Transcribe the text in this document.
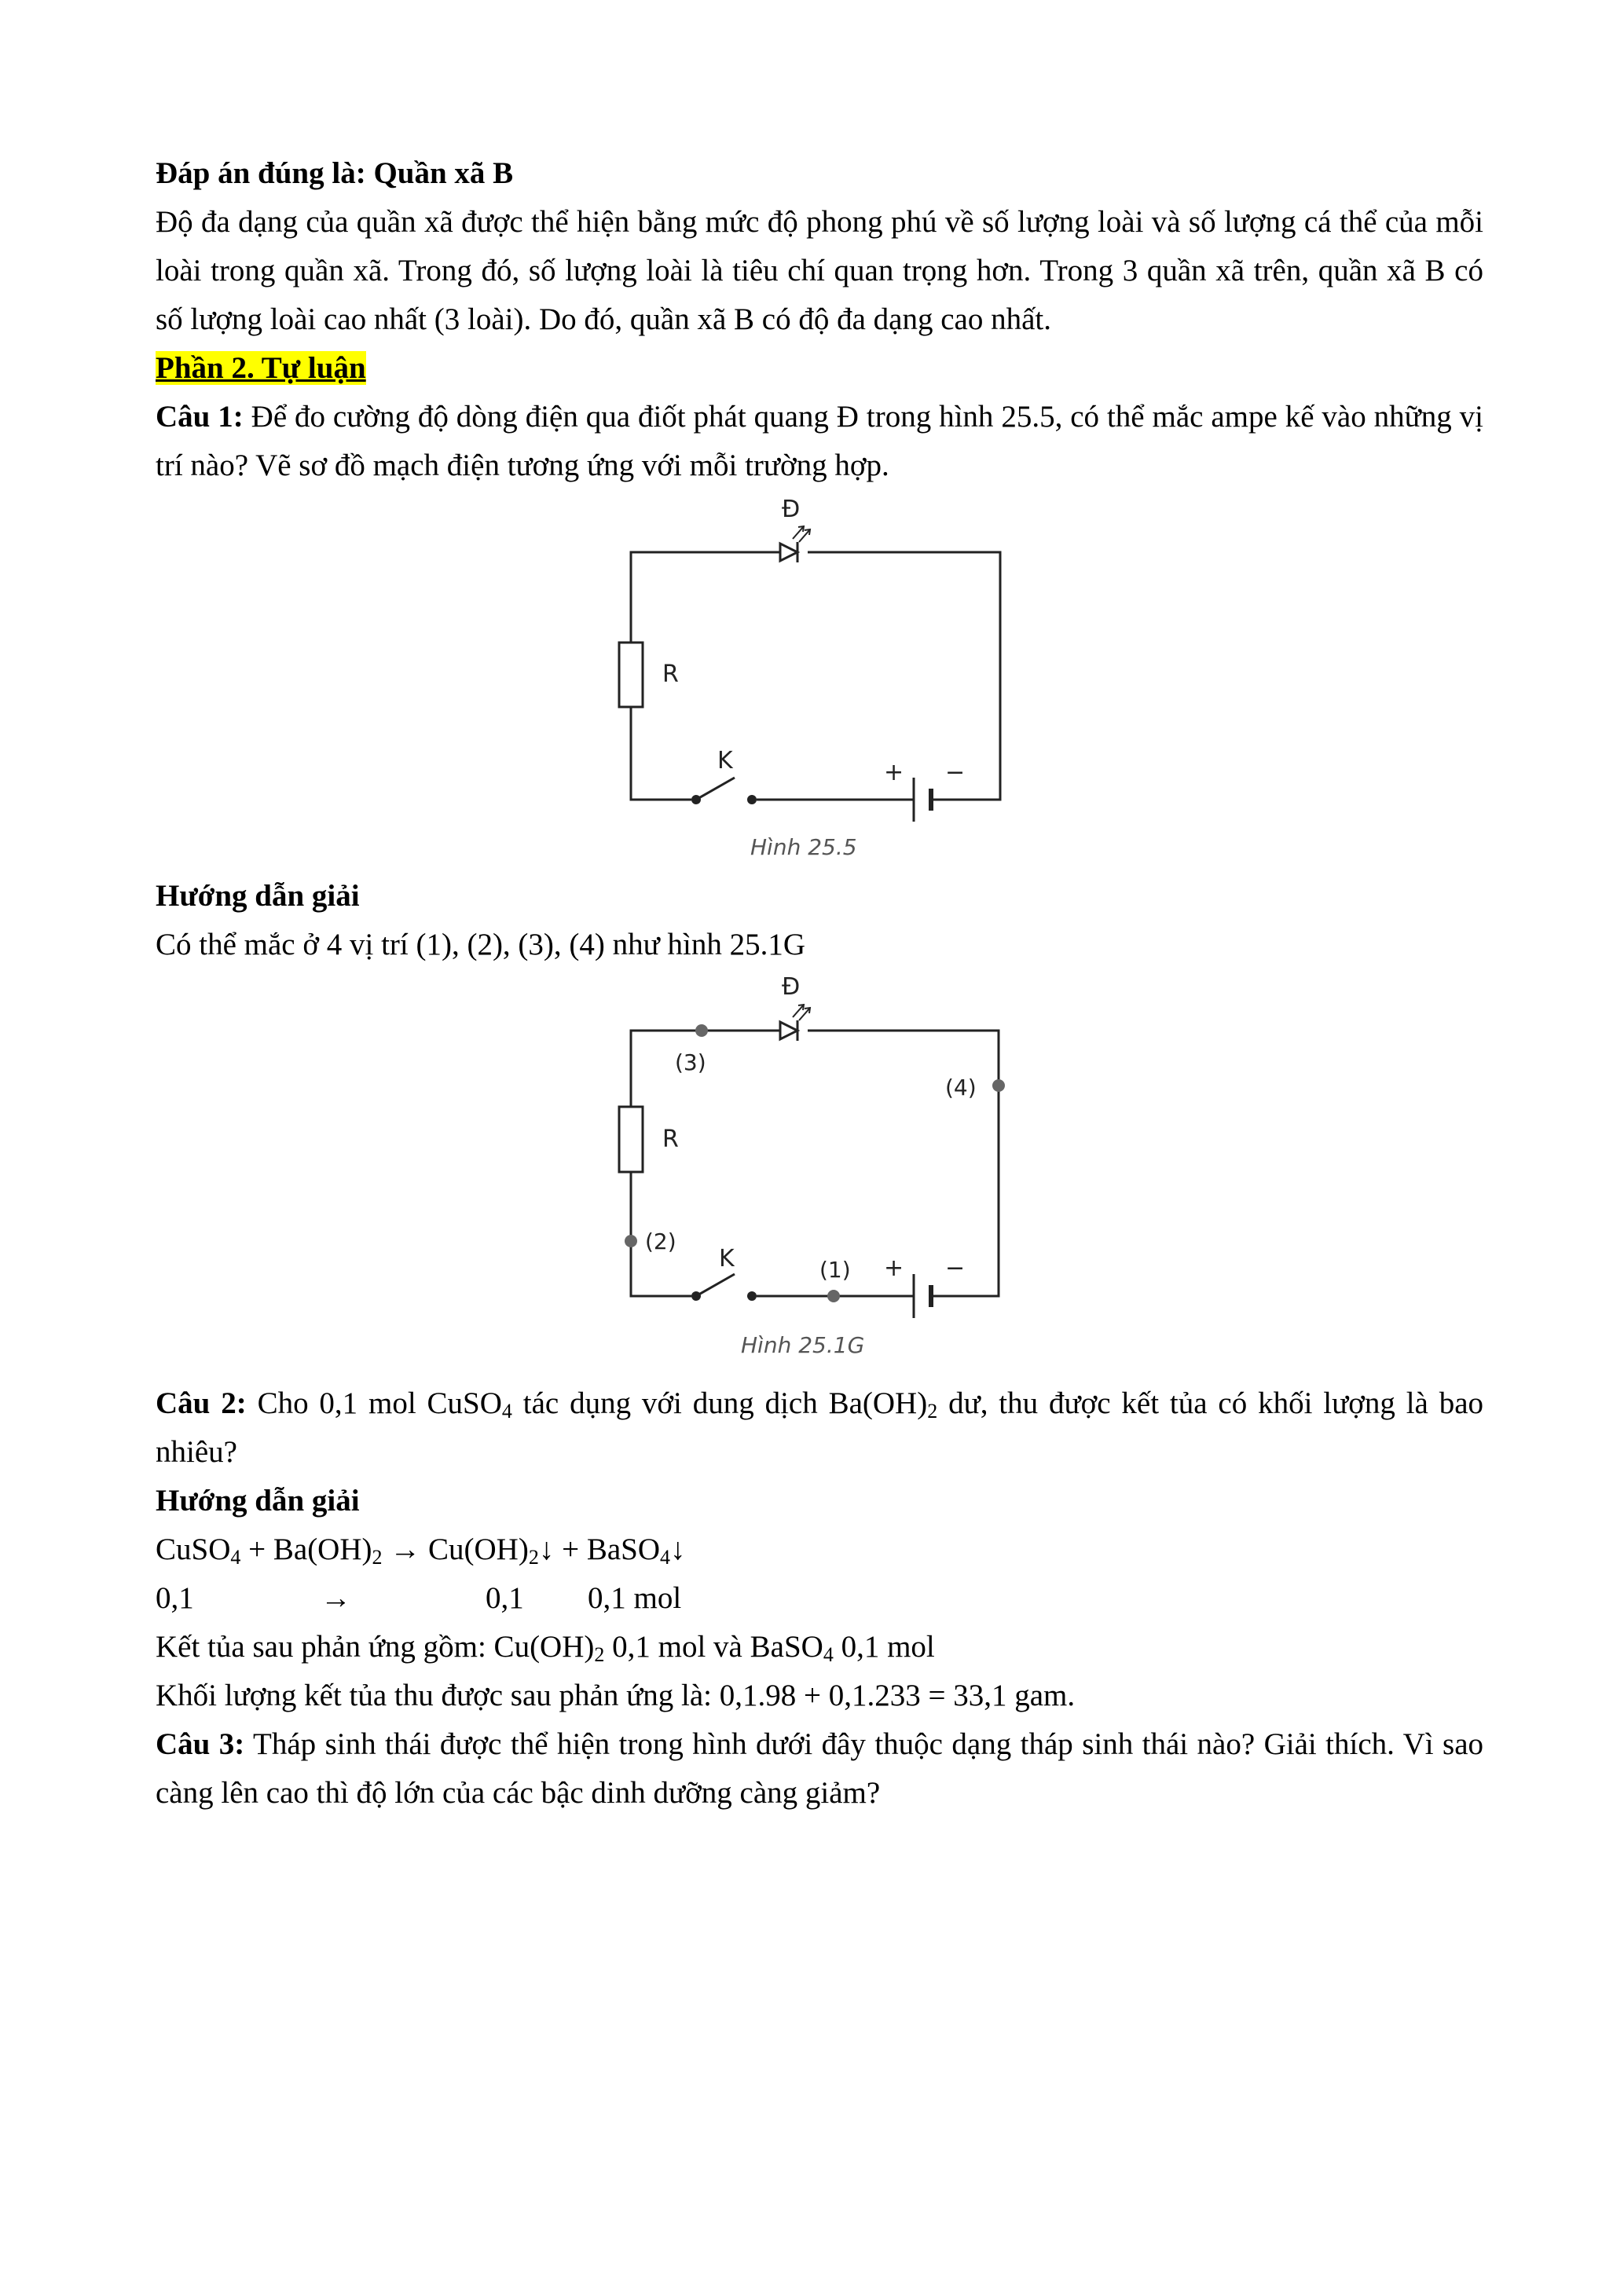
Đáp án đúng là: Quần xã B
Độ đa dạng của quần xã được thể hiện bằng mức độ phong phú về số lượng loài và số lượng cá thể của mỗi loài trong quần xã. Trong đó, số lượng loài là tiêu chí quan trọng hơn. Trong 3 quần xã trên, quần xã B có số lượng loài cao nhất (3 loài). Do đó, quần xã B có độ đa dạng cao nhất.
Phần 2. Tự luận
Câu 1: Để đo cường độ dòng điện qua điốt phát quang Đ trong hình 25.5, có thể mắc ampe kế vào những vị trí nào? Vẽ sơ đồ mạch điện tương ứng với mỗi trường hợp.
Đ
R
K	+ −
Hình 25.5
Hướng dẫn giải
Có thể mắc ở 4 vị trí (1), (2), (3), (4) như hình 25.1G
Đ
R
K	+ −
(1)
(2)
(3)
(4)
Hình 25.1G
Câu 2: Cho 0,1 mol CuSO$_4$ tác dụng với dung dịch $Ba(OH)_2$ dư, thu được kết tủa có khối lượng là bao nhiêu?
Hướng dẫn giải
CuSO$_4$ + $Ba(OH)_2$ → $Cu(OH)_2↓$ + BaSO$_4$↓
0,1	→	0,1 0,1 mol
Kết tủa sau phản ứng gồm: $Cu(OH)_2$ 0,1 mol và BaSO$_4$ 0,1 mol
Khối lượng kết tủa thu được sau phản ứng là: 0,1.98 + 0,1.233 = 33,1 gam.
Câu 3: Tháp sinh thái được thể hiện trong hình dưới đây thuộc dạng tháp sinh thái nào? Giải thích. Vì sao càng lên cao thì độ lớn của các bậc dinh dưỡng càng giảm?
